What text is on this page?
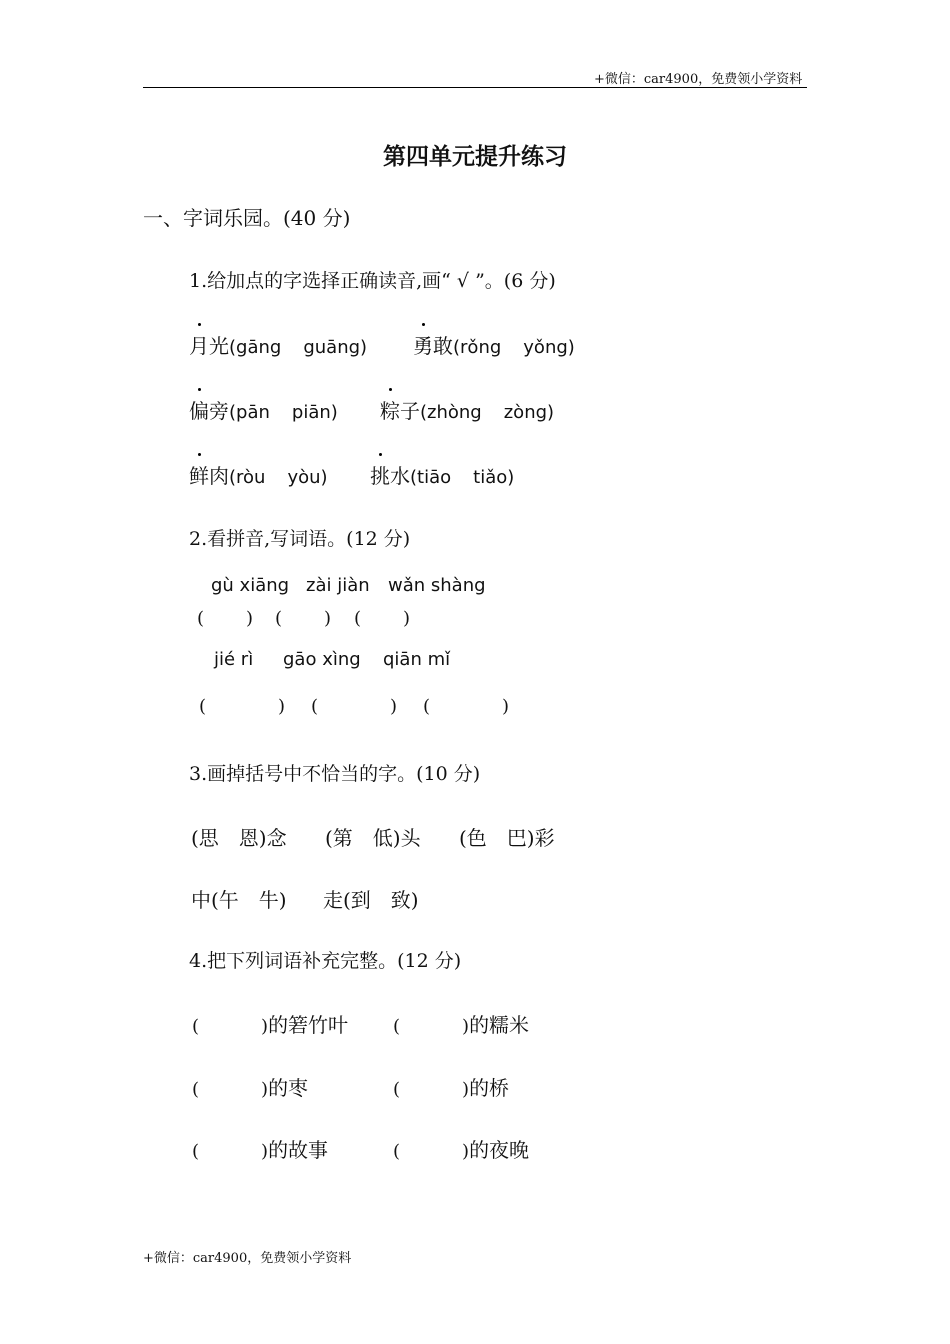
+微信：car4900，免费领小学资料
第四单元提升练习
一、字词乐园。(40 分)
1.给加点的字选择正确读音,画“ √ ”。(6 分)
月光(gāng guāng) 勇敢(rǒng yǒng)
偏旁(pān piān) 粽子(zhòng zòng)
鲜肉(ròu yòu) 挑水(tiāo tiǎo)
2.看拼音,写词语。(12 分)
gù xiāng zài jiàn wǎn shàng
( ) ( ) ( )
jié rì gāo xìng qiān mǐ
(	) (	) (	)
3.画掉括号中不恰当的字。(10 分)
(思　恩)念 (第　低)头 (色　巴)彩
中(午　牛) 走(到　致)
4.把下列词语补充完整。(12 分)
(	)的箬竹叶 (	)的糯米
(	)的枣	(	)的桥
(	)的故事	(	)的夜晚
+微信：car4900，免费领小学资料
